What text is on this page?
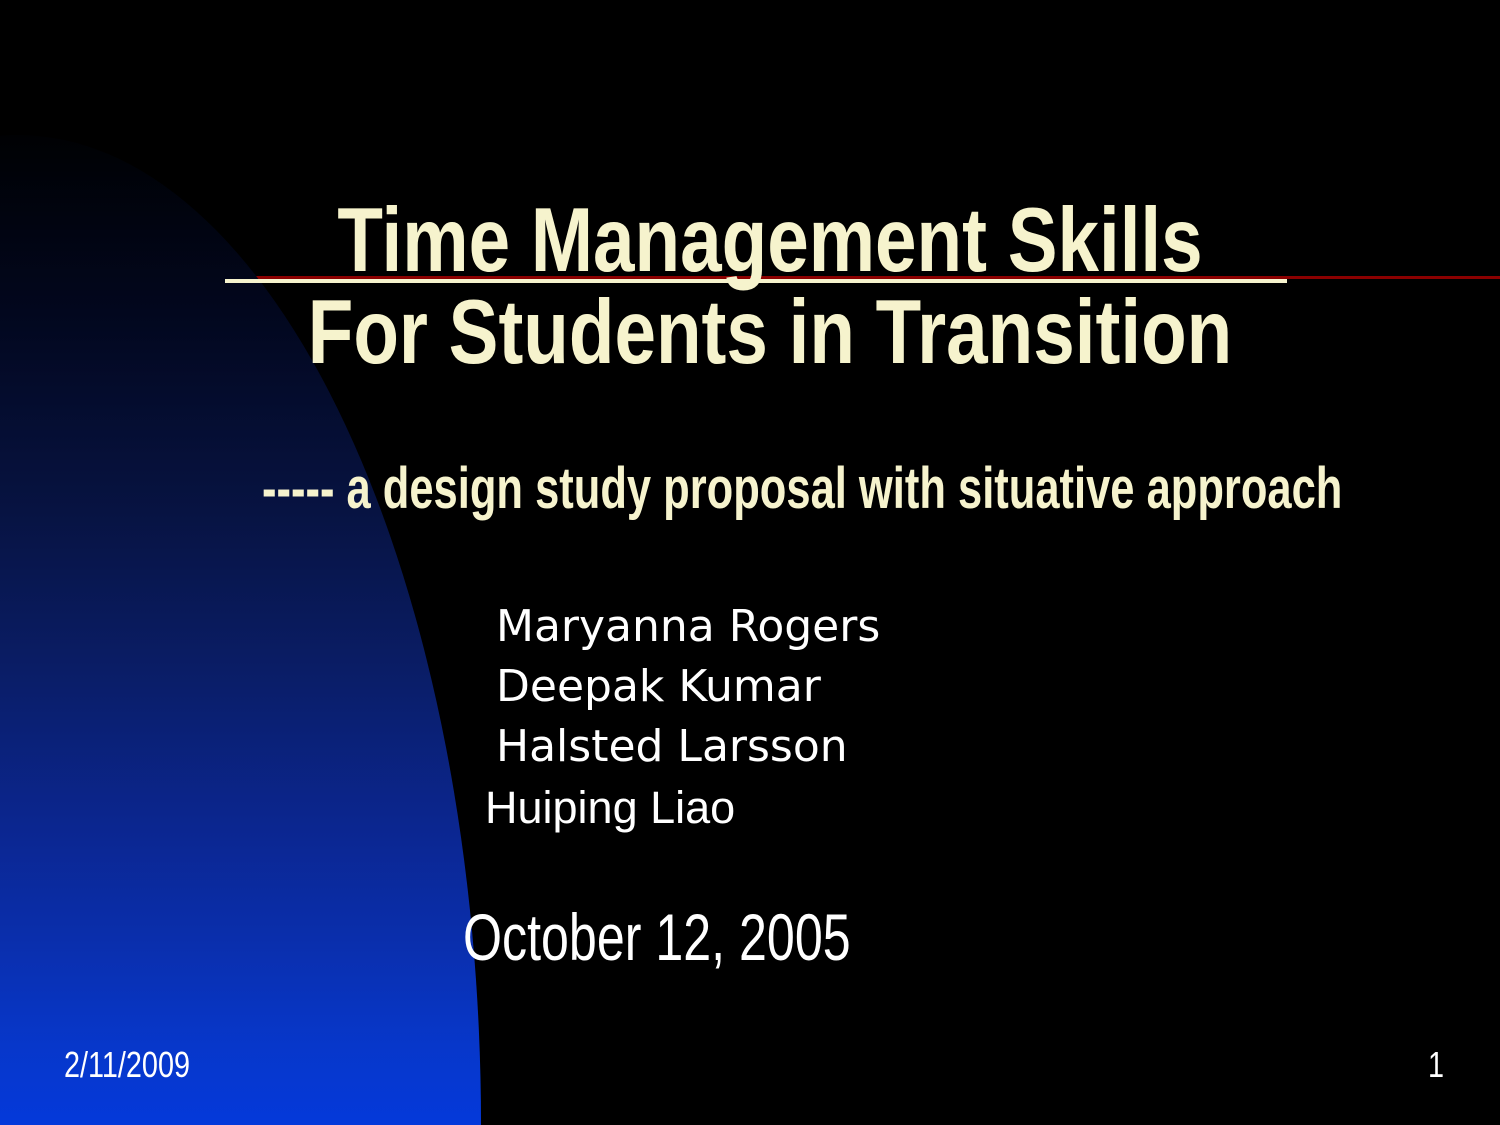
Time Management Skills
For Students in Transition
----- a design study proposal with situative approach
Maryanna Rogers
Deepak Kumar
Halsted Larsson
Huiping Liao
October 12, 2005
2/11/2009	1
